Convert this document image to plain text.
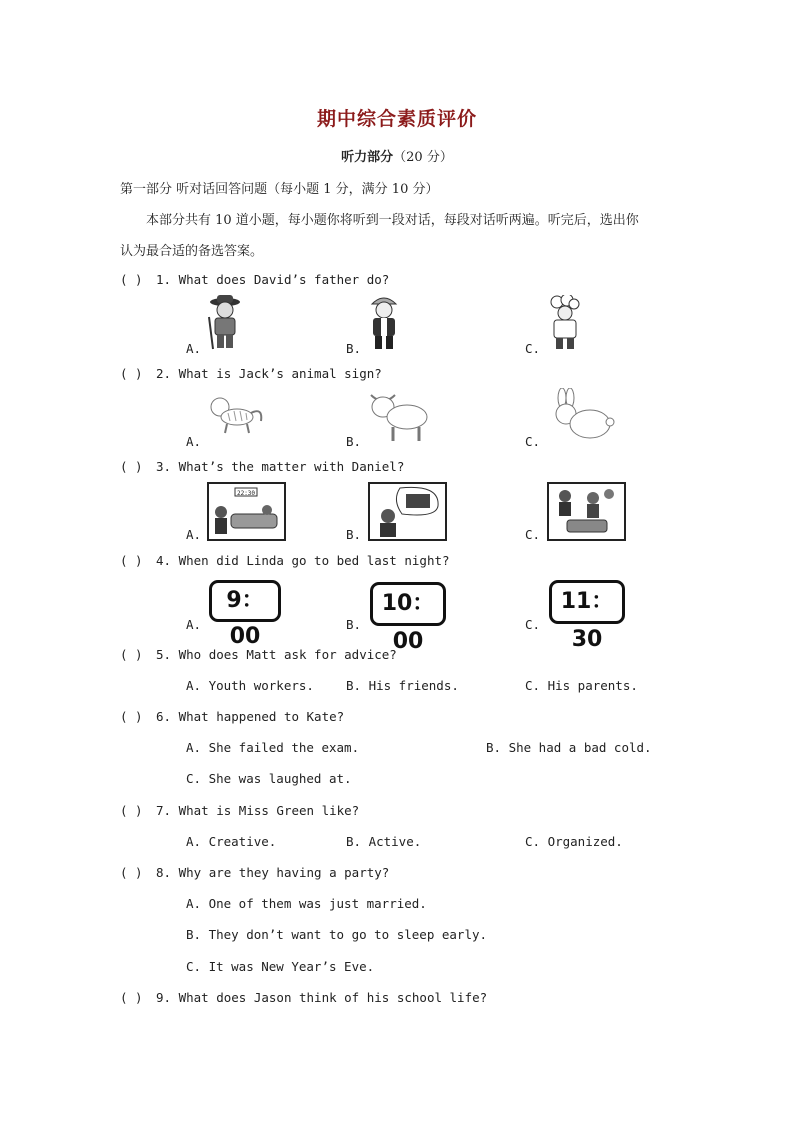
期中综合素质评价
听力部分（20 分）
第一部分 听对话回答问题（每小题 1 分，满分 10 分）
本部分共有 10 道小题，每小题你将听到一段对话，每段对话听两遍。听完后，选出你
认为最合适的备选答案。
( ) 1. What does David’s father do?
A.	B.	C.
( ) 2. What is Jack’s animal sign?
A.	B.	C.
( ) 3. What’s the matter with Daniel?
22:30
A.	B.	C.
( ) 4. When did Linda go to bed last night?
9：00
10：00
11：30
A.	B.	C.
( ) 5. Who does Matt ask for advice?
A. Youth workers.	B. His friends.	C. His parents.
( ) 6. What happened to Kate?
A. She failed the exam.	B. She had a bad cold.
C. She was laughed at.
( ) 7. What is Miss Green like?
A. Creative.	B. Active.	C. Organized.
( ) 8. Why are they having a party?
A. One of them was just married.
B. They don’t want to go to sleep early.
C. It was New Year’s Eve.
( ) 9. What does Jason think of his school life?
